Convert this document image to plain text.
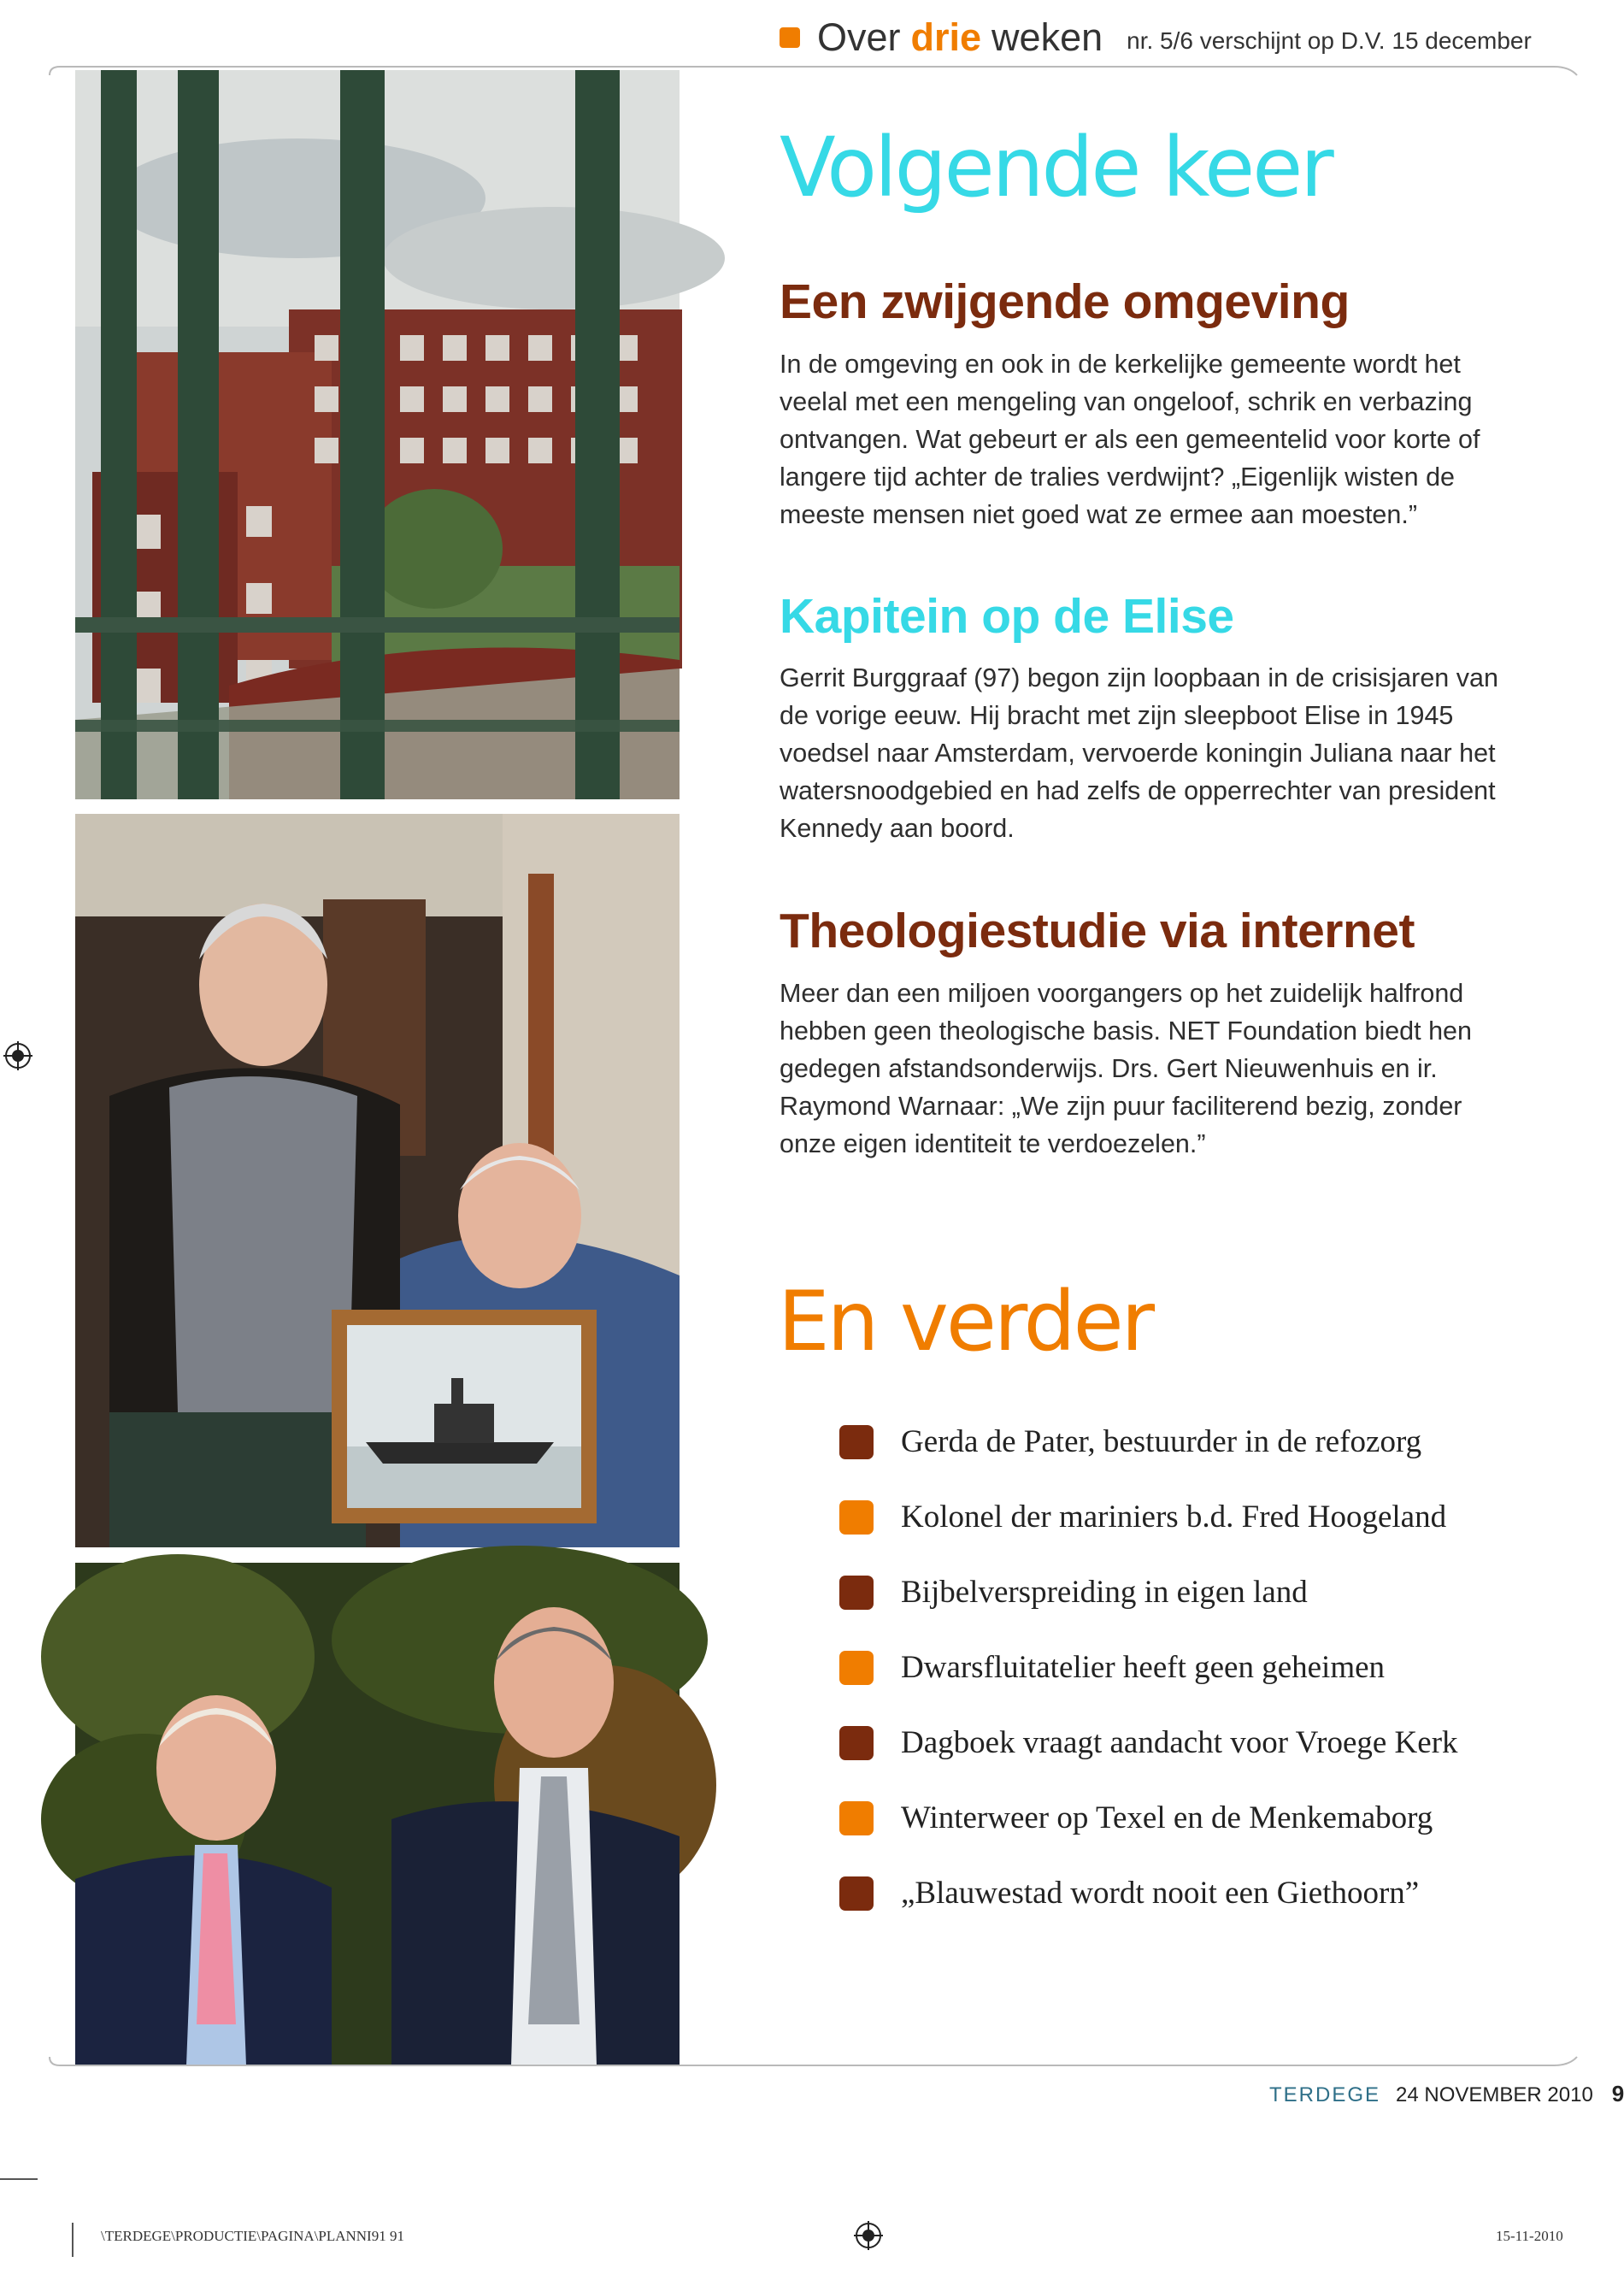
Over drie weken nr. 5/6 verschijnt op D.V. 15 december
Volgende keer
Een zwijgende omgeving
In de omgeving en ook in de kerkelijke gemeente wordt het veelal met een mengeling van ongeloof, schrik en verbazing ontvangen. Wat gebeurt er als een gemeentelid voor korte of langere tijd achter de tralies verdwijnt? „Eigenlijk wisten de meeste mensen niet goed wat ze ermee aan moesten.”
Kapitein op de Elise
Gerrit Burggraaf (97) begon zijn loopbaan in de crisisjaren van de vorige eeuw. Hij bracht met zijn sleepboot Elise in 1945 voedsel naar Amsterdam, vervoerde koningin Juliana naar het watersnoodgebied en had zelfs de opperrechter van president Kennedy aan boord.
Theologiestudie via internet
Meer dan een miljoen voorgangers op het zuidelijk halfrond hebben geen theologische basis. NET Foundation biedt hen gedegen afstandsonderwijs. Drs. Gert Nieuwenhuis en ir. Raymond Warnaar: „We zijn puur faciliterend bezig, zonder onze eigen identiteit te verdoezelen.”
En verder
Gerda de Pater, bestuurder in de refozorg
Kolonel der mariniers b.d. Fred Hoogeland
Bijbelverspreiding in eigen land
Dwarsfluitatelier heeft geen geheimen
Dagboek vraagt aandacht voor Vroege Kerk
Winterweer op Texel en de Menkemaborg
„Blauwestad wordt nooit een Giethoorn”
TERDEGE 24 NOVEMBER 2010 9
\TERDEGE\PRODUCTIE\PAGINA\PLANNI91 91	15-11-2010
